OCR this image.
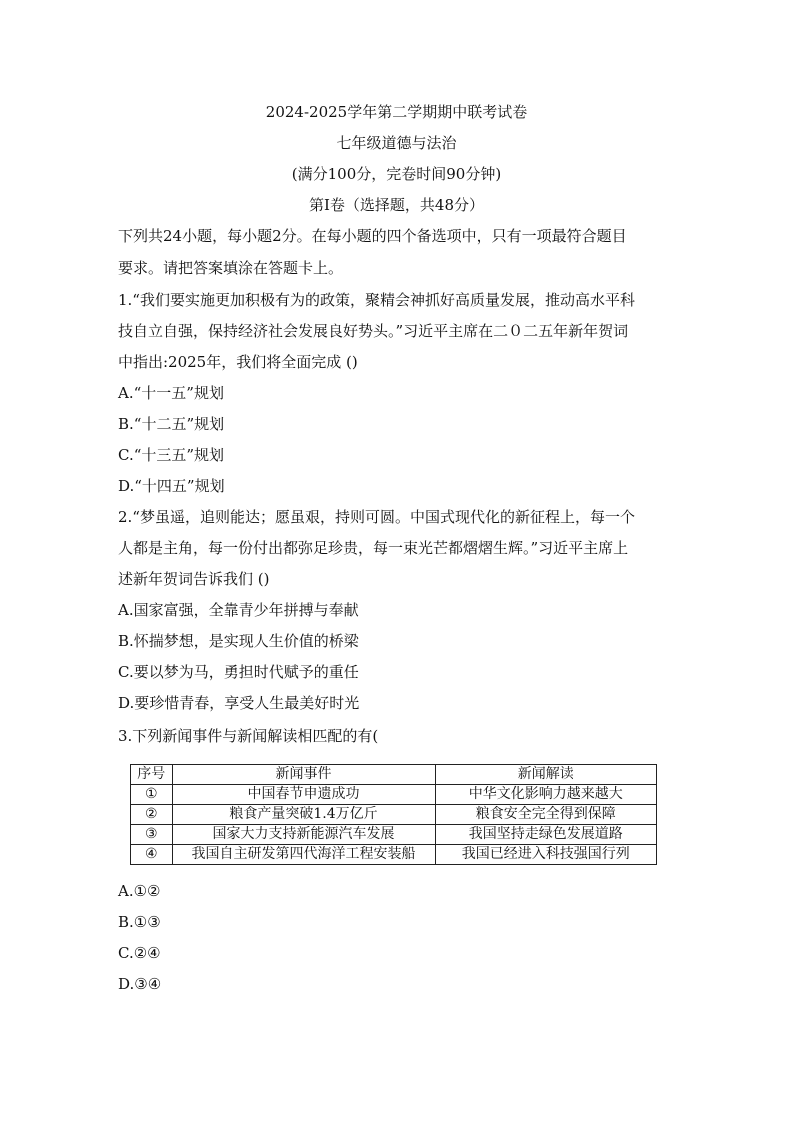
2024-2025学年第二学期期中联考试卷
七年级道德与法治
(满分100分，完卷时间90分钟)
第Ⅰ卷（选择题，共48分）
下列共24小题，每小题2分。在每小题的四个备选项中，只有一项最符合题目
要求。请把答案填涂在答题卡上。
1.“我们要实施更加积极有为的政策，聚精会神抓好高质量发展，推动高水平科
技自立自强，保持经济社会发展良好势头。”习近平主席在二０二五年新年贺词
中指出:2025年，我们将全面完成 ()
A.“十一五”规划
B.“十二五”规划
C.“十三五”规划
D.“十四五”规划
2.“梦虽遥，追则能达；愿虽艰，持则可圆。中国式现代化的新征程上，每一个
人都是主角，每一份付出都弥足珍贵，每一束光芒都熠熠生辉。”习近平主席上
述新年贺词告诉我们 ()
A.国家富强，全靠青少年拼搏与奉献
B.怀揣梦想，是实现人生价值的桥梁
C.要以梦为马，勇担时代赋予的重任
D.要珍惜青春，享受人生最美好时光
3.下列新闻事件与新闻解读相匹配的有(
序号	新闻事件	新闻解读
①	中国春节申遗成功	中华文化影响力越来越大
②	粮食产量突破1.4万亿斤	粮食安全完全得到保障
③	国家大力支持新能源汽车发展	我国坚持走绿色发展道路
④	我国自主研发第四代海洋工程安装船	我国已经进入科技强国行列
A.①②
B.①③
C.②④
D.③④
